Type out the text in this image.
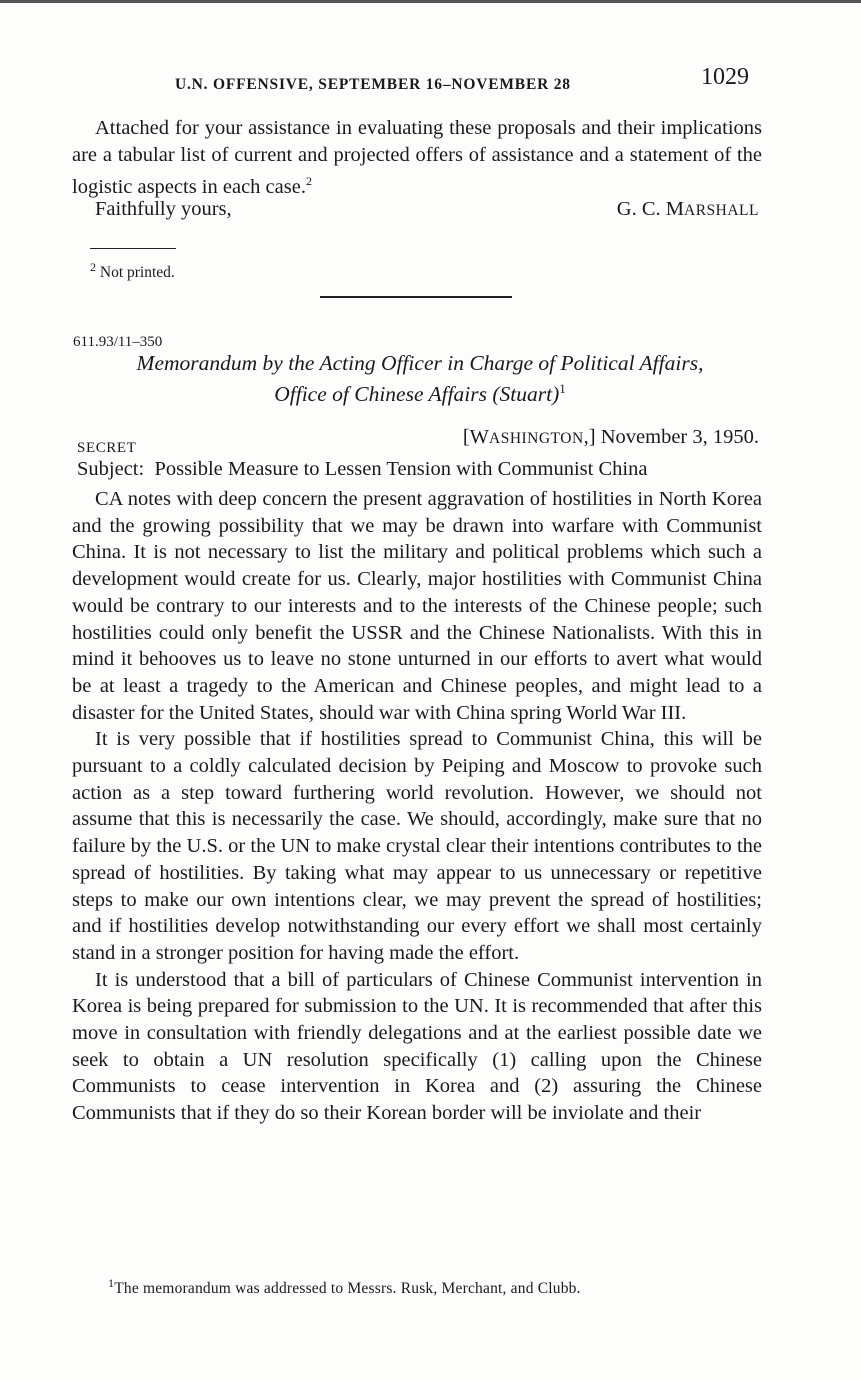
U.N. OFFENSIVE, SEPTEMBER 16–NOVEMBER 28	1029

Attached for your assistance in evaluating these proposals and their implications are a tabular list of current and projected offers of assistance and a statement of the logistic aspects in each case.$^2$

Faithfully yours,	G. C. MARSHALL
$^2$ Not printed.
611.93/11–350
Memorandum by the Acting Officer in Charge of Political Affairs,
Office of Chinese Affairs (Stuart)$^1$
SECRET	[WASHINGTON,] November 3, 1950.
Subject: Possible Measure to Lessen Tension with Communist China

CA notes with deep concern the present aggravation of hostilities in North Korea and the growing possibility that we may be drawn into warfare with Communist China. It is not necessary to list the military and political problems which such a development would create for us. Clearly, major hostilities with Communist China would be contrary to our interests and to the interests of the Chinese people; such hostilities could only benefit the USSR and the Chinese Nationalists. With this in mind it behooves us to leave no stone unturned in our efforts to avert what would be at least a tragedy to the American and Chinese peoples, and might lead to a disaster for the United States, should war with China spring World War III.

It is very possible that if hostilities spread to Communist China, this will be pursuant to a coldly calculated decision by Peiping and Moscow to provoke such action as a step toward furthering world revolution. However, we should not assume that this is necessarily the case. We should, accordingly, make sure that no failure by the U.S. or the UN to make crystal clear their intentions contributes to the spread of hostilities. By taking what may appear to us unnecessary or repetitive steps to make our own intentions clear, we may prevent the spread of hostilities; and if hostilities develop notwithstanding our every effort we shall most certainly stand in a stronger position for having made the effort.

It is understood that a bill of particulars of Chinese Communist intervention in Korea is being prepared for submission to the UN. It is recommended that after this move in consultation with friendly delegations and at the earliest possible date we seek to obtain a UN resolution specifically (1) calling upon the Chinese Communists to cease intervention in Korea and (2) assuring the Chinese Communists that if they do so their Korean border will be inviolate and their

$^1$The memorandum was addressed to Messrs. Rusk, Merchant, and Clubb.
